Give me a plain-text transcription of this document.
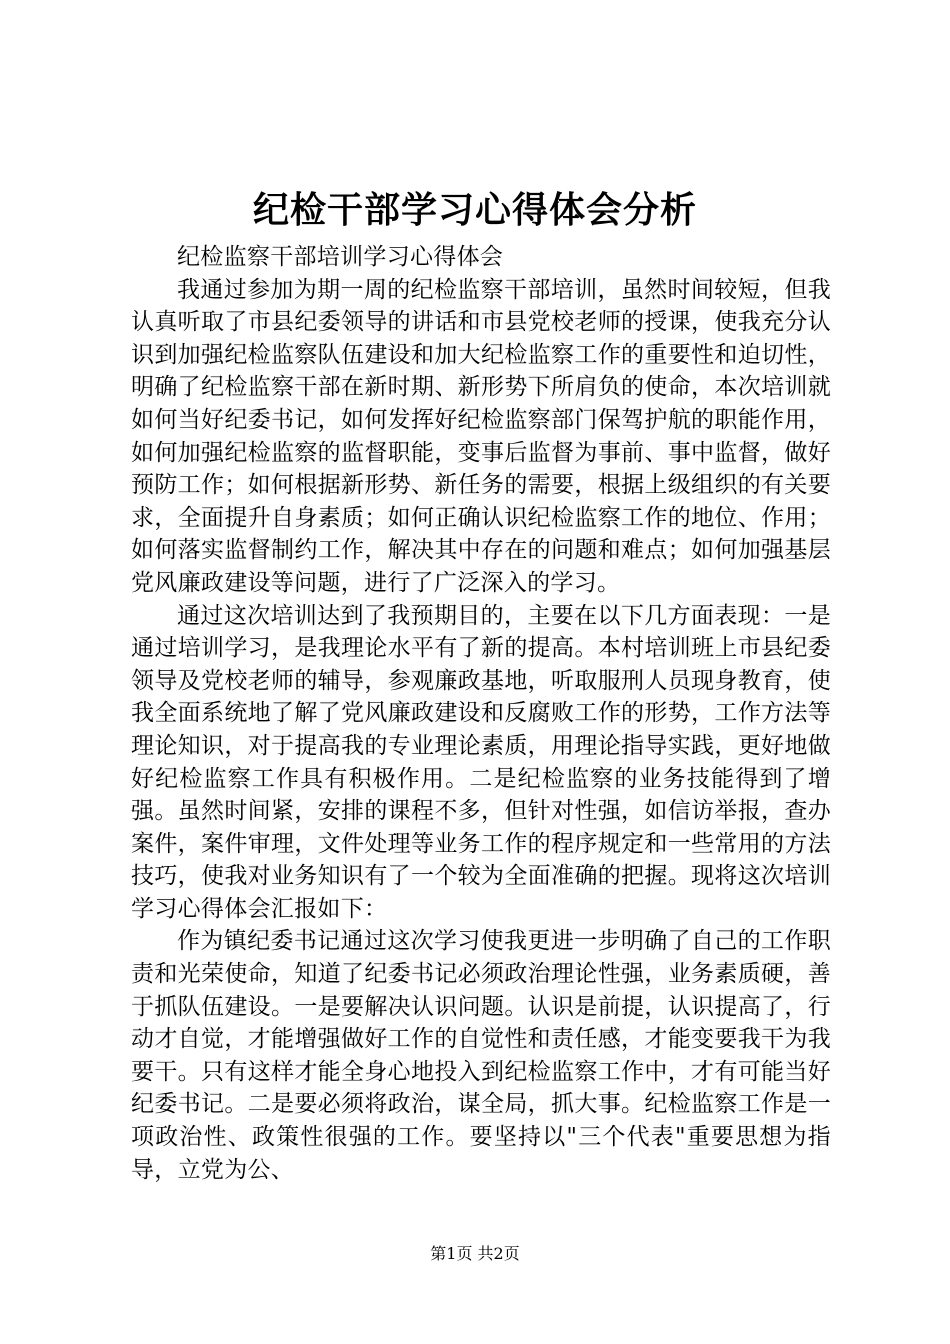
纪检干部学习心得体会分析

纪检监察干部培训学习心得体会

我通过参加为期一周的纪检监察干部培训，虽然时间较短，但我认真听取了市县纪委领导的讲话和市县党校老师的授课，使我充分认识到加强纪检监察队伍建设和加大纪检监察工作的重要性和迫切性，明确了纪检监察干部在新时期、新形势下所肩负的使命，本次培训就如何当好纪委书记，如何发挥好纪检监察部门保驾护航的职能作用，如何加强纪检监察的监督职能，变事后监督为事前、事中监督，做好预防工作；如何根据新形势、新任务的需要，根据上级组织的有关要求，全面提升自身素质；如何正确认识纪检监察工作的地位、作用；如何落实监督制约工作，解决其中存在的问题和难点；如何加强基层党风廉政建设等问题，进行了广泛深入的学习。

通过这次培训达到了我预期目的，主要在以下几方面表现：一是通过培训学习，是我理论水平有了新的提高。本村培训班上市县纪委领导及党校老师的辅导，参观廉政基地，听取服刑人员现身教育，使我全面系统地了解了党风廉政建设和反腐败工作的形势，工作方法等理论知识，对于提高我的专业理论素质，用理论指导实践，更好地做好纪检监察工作具有积极作用。二是纪检监察的业务技能得到了增强。虽然时间紧，安排的课程不多，但针对性强，如信访举报，查办案件，案件审理，文件处理等业务工作的程序规定和一些常用的方法技巧，使我对业务知识有了一个较为全面准确的把握。现将这次培训学习心得体会汇报如下：

作为镇纪委书记通过这次学习使我更进一步明确了自己的工作职责和光荣使命，知道了纪委书记必须政治理论性强，业务素质硬，善于抓队伍建设。一是要解决认识问题。认识是前提，认识提高了，行动才自觉，才能增强做好工作的自觉性和责任感，才能变要我干为我要干。只有这样才能全身心地投入到纪检监察工作中，才有可能当好纪委书记。二是要必须将政治，谋全局，抓大事。纪检监察工作是一项政治性、政策性很强的工作。要坚持以"三个代表"重要思想为指导，立党为公、

第1页 共2页
